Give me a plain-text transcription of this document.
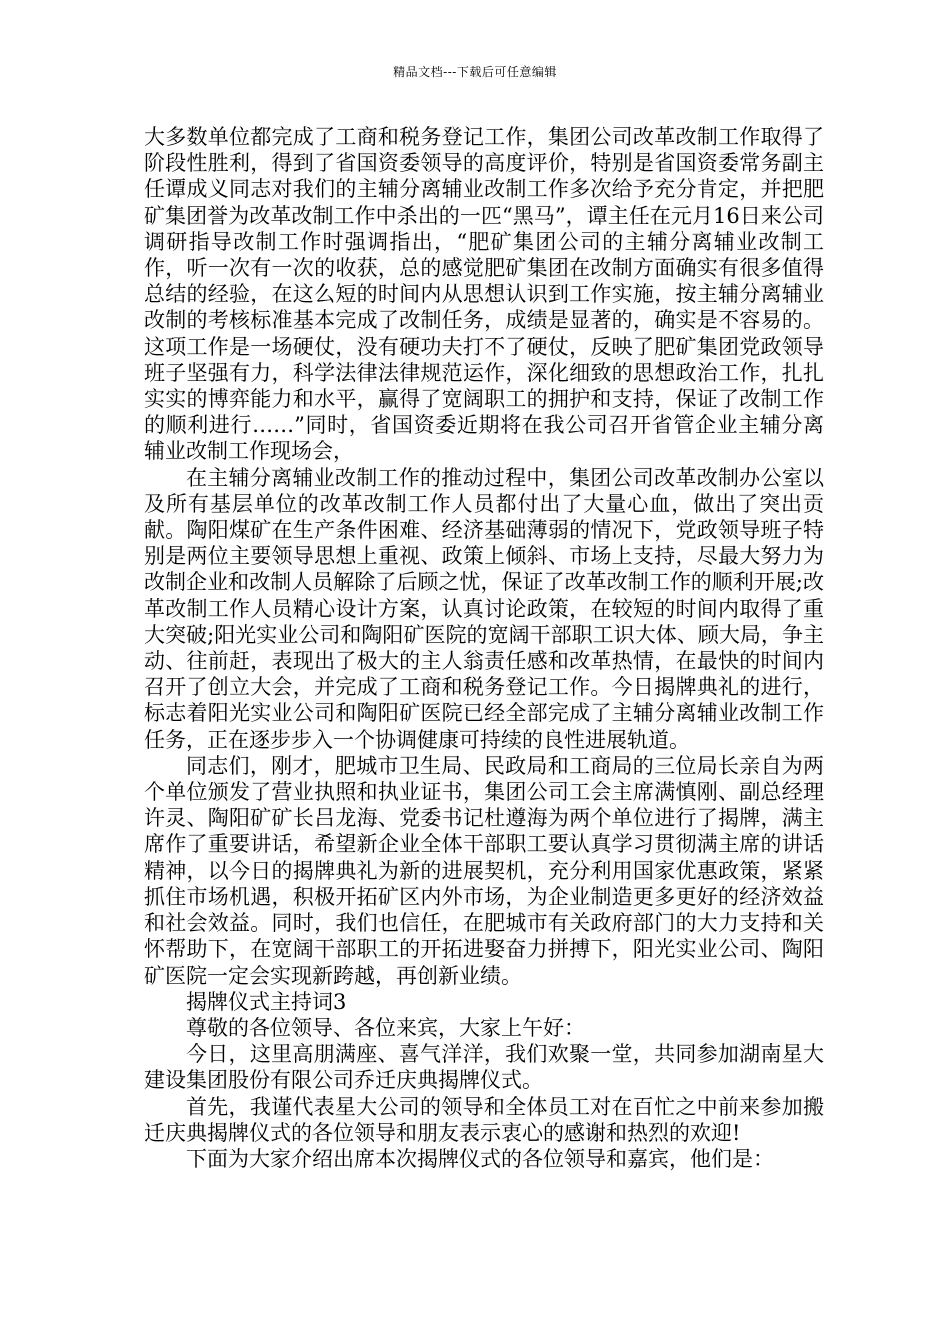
精品文档---下载后可任意编辑

大多数单位都完成了工商和税务登记工作，集团公司改革改制工作取得了阶段性胜利，得到了省国资委领导的高度评价，特别是省国资委常务副主任谭成义同志对我们的主辅分离辅业改制工作多次给予充分肯定，并把肥矿集团誉为改革改制工作中杀出的一匹“黑马”，谭主任在元月16日来公司调研指导改制工作时强调指出，“肥矿集团公司的主辅分离辅业改制工作，听一次有一次的收获，总的感觉肥矿集团在改制方面确实有很多值得总结的经验，在这么短的时间内从思想认识到工作实施，按主辅分离辅业改制的考核标准基本完成了改制任务，成绩是显著的，确实是不容易的。这项工作是一场硬仗，没有硬功夫打不了硬仗，反映了肥矿集团党政领导班子坚强有力，科学法律法律规范运作，深化细致的思想政治工作，扎扎实实的博弈能力和水平，赢得了宽阔职工的拥护和支持，保证了改制工作的顺利进行……”同时，省国资委近期将在我公司召开省管企业主辅分离辅业改制工作现场会，

在主辅分离辅业改制工作的推动过程中，集团公司改革改制办公室以及所有基层单位的改革改制工作人员都付出了大量心血，做出了突出贡献。陶阳煤矿在生产条件困难、经济基础薄弱的情况下，党政领导班子特别是两位主要领导思想上重视、政策上倾斜、市场上支持，尽最大努力为改制企业和改制人员解除了后顾之忧，保证了改革改制工作的顺利开展;改革改制工作人员精心设计方案，认真讨论政策，在较短的时间内取得了重大突破;阳光实业公司和陶阳矿医院的宽阔干部职工识大体、顾大局，争主动、往前赶，表现出了极大的主人翁责任感和改革热情，在最快的时间内召开了创立大会，并完成了工商和税务登记工作。今日揭牌典礼的进行，标志着阳光实业公司和陶阳矿医院已经全部完成了主辅分离辅业改制工作任务，正在逐步步入一个协调健康可持续的良性进展轨道。

同志们，刚才，肥城市卫生局、民政局和工商局的三位局长亲自为两个单位颁发了营业执照和执业证书，集团公司工会主席满慎刚、副总经理许灵、陶阳矿矿长吕龙海、党委书记杜遵海为两个单位进行了揭牌，满主席作了重要讲话，希望新企业全体干部职工要认真学习贯彻满主席的讲话精神，以今日的揭牌典礼为新的进展契机，充分利用国家优惠政策，紧紧抓住市场机遇，积极开拓矿区内外市场，为企业制造更多更好的经济效益和社会效益。同时，我们也信任，在肥城市有关政府部门的大力支持和关怀帮助下，在宽阔干部职工的开拓进娶奋力拼搏下，阳光实业公司、陶阳矿医院一定会实现新跨越，再创新业绩。

揭牌仪式主持词3

尊敬的各位领导、各位来宾，大家上午好：

今日，这里高朋满座、喜气洋洋，我们欢聚一堂，共同参加湖南星大建设集团股份有限公司乔迁庆典揭牌仪式。

首先，我谨代表星大公司的领导和全体员工对在百忙之中前来参加搬迁庆典揭牌仪式的各位领导和朋友表示衷心的感谢和热烈的欢迎!

下面为大家介绍出席本次揭牌仪式的各位领导和嘉宾，他们是：
